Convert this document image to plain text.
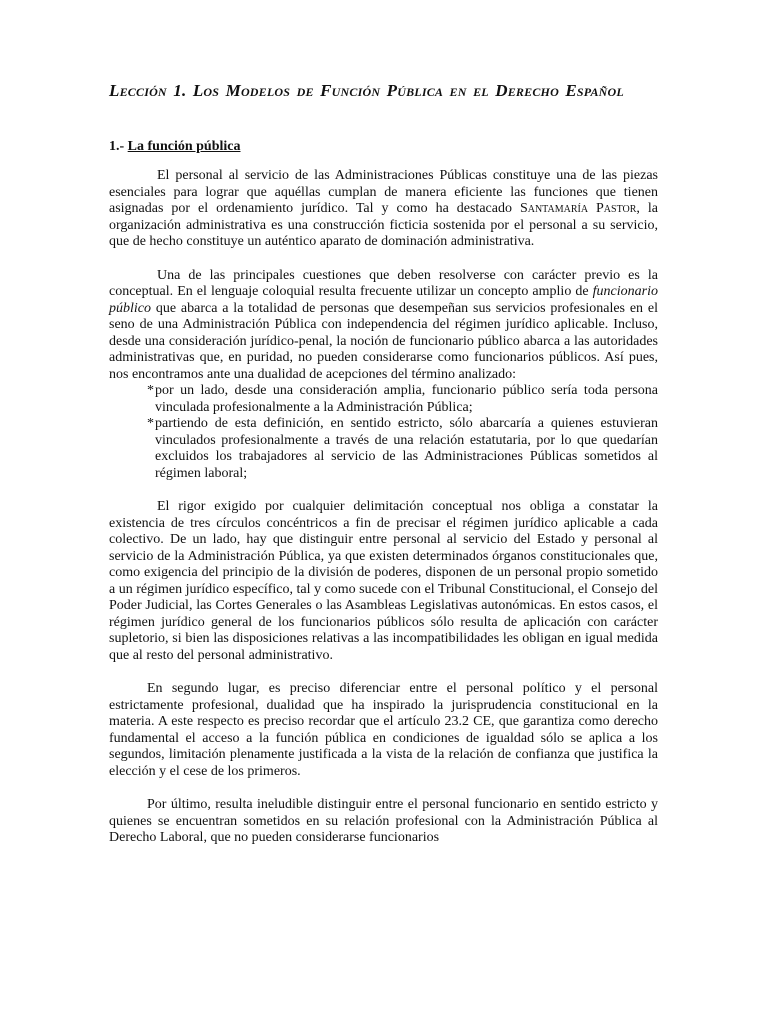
Lección 1. Los Modelos de Función Pública en el Derecho Español
1.- La función pública

El personal al servicio de las Administraciones Públicas constituye una de las piezas esenciales para lograr que aquéllas cumplan de manera eficiente las funciones que tienen asignadas por el ordenamiento jurídico. Tal y como ha destacado Santamaría Pastor, la organización administrativa es una construcción ficticia sostenida por el personal a su servicio, que de hecho constituye un auténtico aparato de dominación administrativa.

Una de las principales cuestiones que deben resolverse con carácter previo es la conceptual. En el lenguaje coloquial resulta frecuente utilizar un concepto amplio de funcionario público que abarca a la totalidad de personas que desempeñan sus servicios profesionales en el seno de una Administración Pública con independencia del régimen jurídico aplicable. Incluso, desde una consideración jurídico-penal, la noción de funcionario público abarca a las autoridades administrativas que, en puridad, no pueden considerarse como funcionarios públicos. Así pues, nos encontramos ante una dualidad de acepciones del término analizado:

* por un lado, desde una consideración amplia, funcionario público sería toda persona vinculada profesionalmente a la Administración Pública;
* partiendo de esta definición, en sentido estricto, sólo abarcaría a quienes estuvieran vinculados profesionalmente a través de una relación estatutaria, por lo que quedarían excluidos los trabajadores al servicio de las Administraciones Públicas sometidos al régimen laboral;

El rigor exigido por cualquier delimitación conceptual nos obliga a constatar la existencia de tres círculos concéntricos a fin de precisar el régimen jurídico aplicable a cada colectivo. De un lado, hay que distinguir entre personal al servicio del Estado y personal al servicio de la Administración Pública, ya que existen determinados órganos constitucionales que, como exigencia del principio de la división de poderes, disponen de un personal propio sometido a un régimen jurídico específico, tal y como sucede con el Tribunal Constitucional, el Consejo del Poder Judicial, las Cortes Generales o las Asambleas Legislativas autonómicas. En estos casos, el régimen jurídico general de los funcionarios públicos sólo resulta de aplicación con carácter supletorio, si bien las disposiciones relativas a las incompatibilidades les obligan en igual medida que al resto del personal administrativo.

En segundo lugar, es preciso diferenciar entre el personal político y el personal estrictamente profesional, dualidad que ha inspirado la jurisprudencia constitucional en la materia. A este respecto es preciso recordar que el artículo 23.2 CE, que garantiza como derecho fundamental el acceso a la función pública en condiciones de igualdad sólo se aplica a los segundos, limitación plenamente justificada a la vista de la relación de confianza que justifica la elección y el cese de los primeros.

Por último, resulta ineludible distinguir entre el personal funcionario en sentido estricto y quienes se encuentran sometidos en su relación profesional con la Administración Pública al Derecho Laboral, que no pueden considerarse funcionarios
